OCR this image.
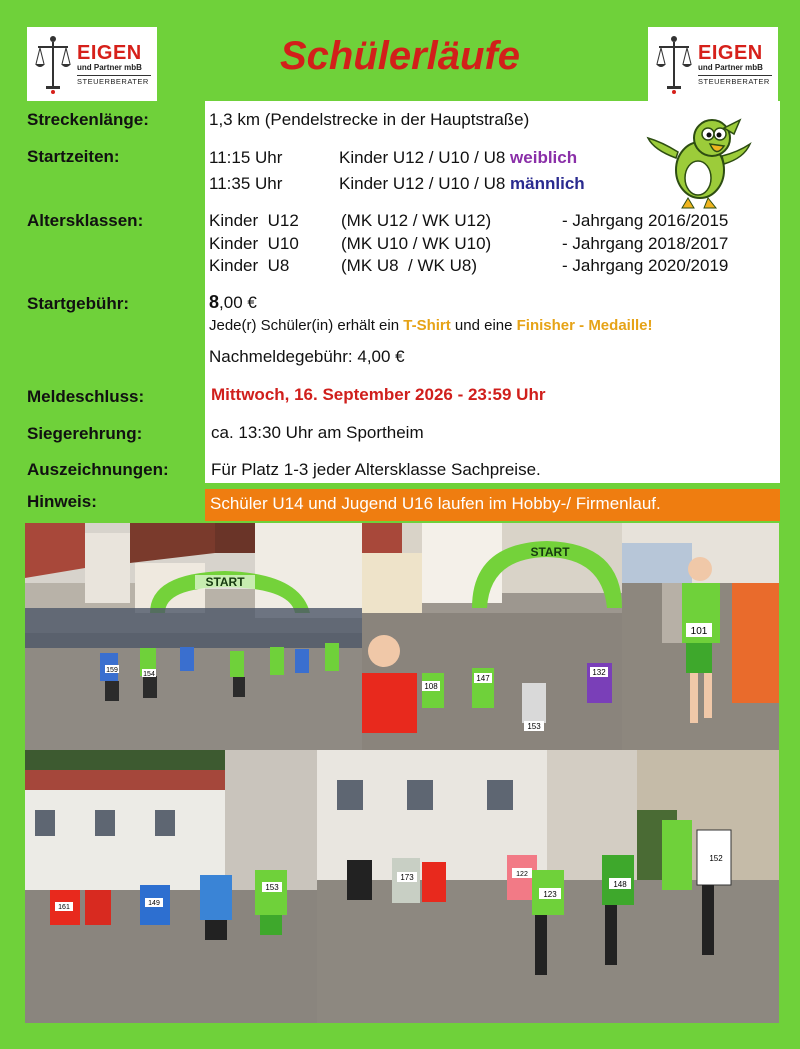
EIGEN
und Partner mbB
STEUERBERATER
EIGEN
und Partner mbB
STEUERBERATER
Schülerläufe
Streckenlänge:	1,3 km (Pendelstrecke in der Hauptstraße)
Startzeiten:	11:15 Uhr	Kinder U12 / U10 / U8 weiblich
11:35 Uhr	Kinder U12 / U10 / U8 männlich
Altersklassen:	Kinder  U12 (MK U12 / WK U12)	- Jahrgang 2016/2015
Kinder  U10 (MK U10 / WK U10)	- Jahrgang 2018/2017
Kinder  U8	(MK U8  / WK U8)	- Jahrgang 2020/2019
Startgebühr:	8,00 €
Jede(r) Schüler(in) erhält ein T-Shirt und eine Finisher - Medaille!
Nachmeldegebühr: 4,00 €
Meldeschluss:	Mittwoch, 16. September 2026 - 23:59 Uhr
Siegerehrung:	ca. 13:30 Uhr am Sportheim
Auszeichnungen: Für Platz 1-3 jeder Altersklasse Sachpreise.
Hinweis:	Schüler U14 und Jugend U16 laufen im Hobby-/ Firmenlauf.
START
159
154
START
108
147
153
132
101
161
149
153
173
123
148
152
122
